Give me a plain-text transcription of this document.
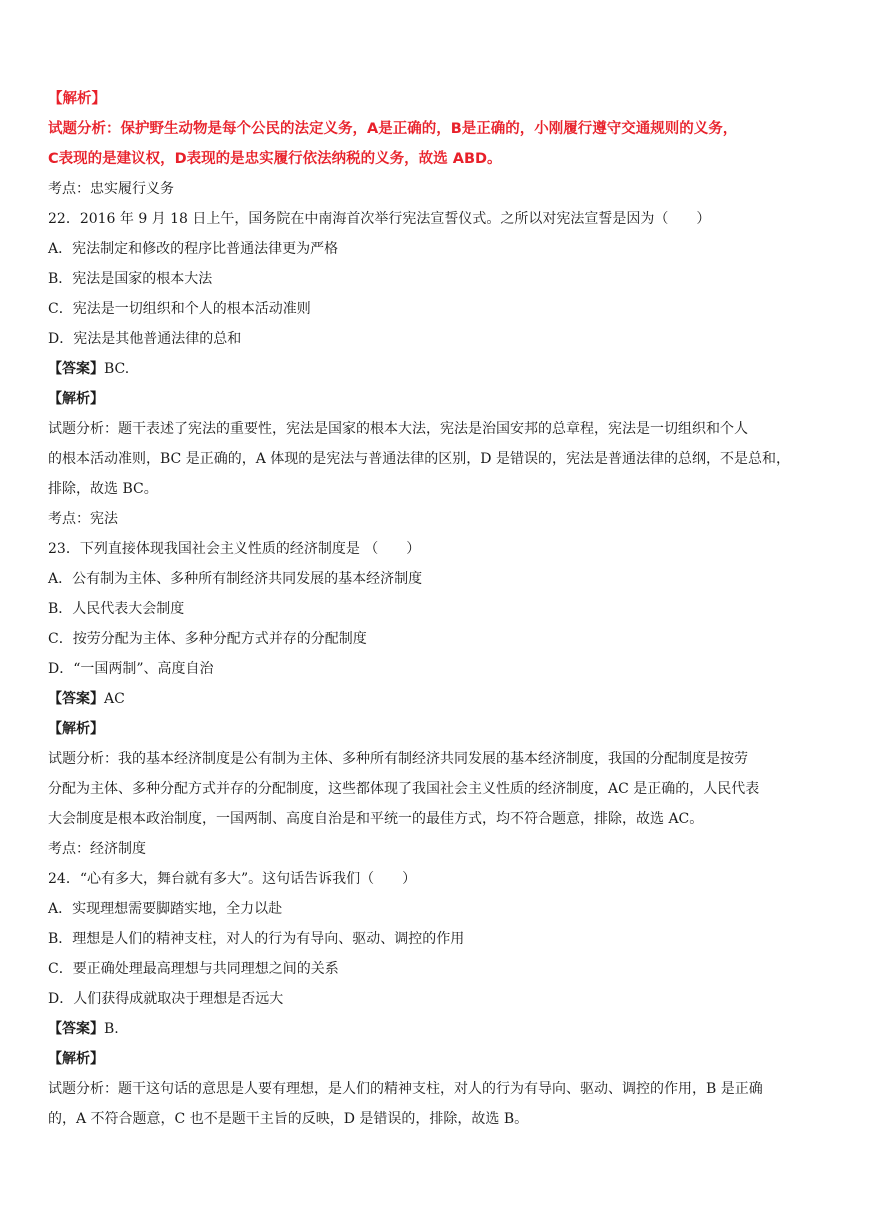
【解析】
试题分析：保护野生动物是每个公民的法定义务，A是正确的，B是正确的，小刚履行遵守交通规则的义务，
C表现的是建议权，D表现的是忠实履行依法纳税的义务，故选 ABD。
考点：忠实履行义务
22．2016 年 9 月 18 日上午，国务院在中南海首次举行宪法宣誓仪式。之所以对宪法宣誓是因为（　　）
A．宪法制定和修改的程序比普通法律更为严格
B．宪法是国家的根本大法
C．宪法是一切组织和个人的根本活动准则
D．宪法是其他普通法律的总和
【答案】BC.
【解析】
试题分析：题干表述了宪法的重要性，宪法是国家的根本大法，宪法是治国安邦的总章程，宪法是一切组织和个人
的根本活动准则，BC 是正确的，A 体现的是宪法与普通法律的区别，D 是错误的，宪法是普通法律的总纲，不是总和，
排除，故选 BC。
考点：宪法
23．下列直接体现我国社会主义性质的经济制度是 （　　）
A．公有制为主体、多种所有制经济共同发展的基本经济制度
B．人民代表大会制度
C．按劳分配为主体、多种分配方式并存的分配制度
D．“一国两制”、高度自治
【答案】AC
【解析】
试题分析：我的基本经济制度是公有制为主体、多种所有制经济共同发展的基本经济制度，我国的分配制度是按劳
分配为主体、多种分配方式并存的分配制度，这些都体现了我国社会主义性质的经济制度，AC 是正确的，人民代表
大会制度是根本政治制度，一国两制、高度自治是和平统一的最佳方式，均不符合题意，排除，故选 AC。
考点：经济制度
24．“心有多大，舞台就有多大”。这句话告诉我们（　　）
A．实现理想需要脚踏实地，全力以赴
B．理想是人们的精神支柱，对人的行为有导向、驱动、调控的作用
C．要正确处理最高理想与共同理想之间的关系
D．人们获得成就取决于理想是否远大
【答案】B.
【解析】
试题分析：题干这句话的意思是人要有理想，是人们的精神支柱，对人的行为有导向、驱动、调控的作用，B 是正确
的，A 不符合题意，C 也不是题干主旨的反映，D 是错误的，排除，故选 B。
